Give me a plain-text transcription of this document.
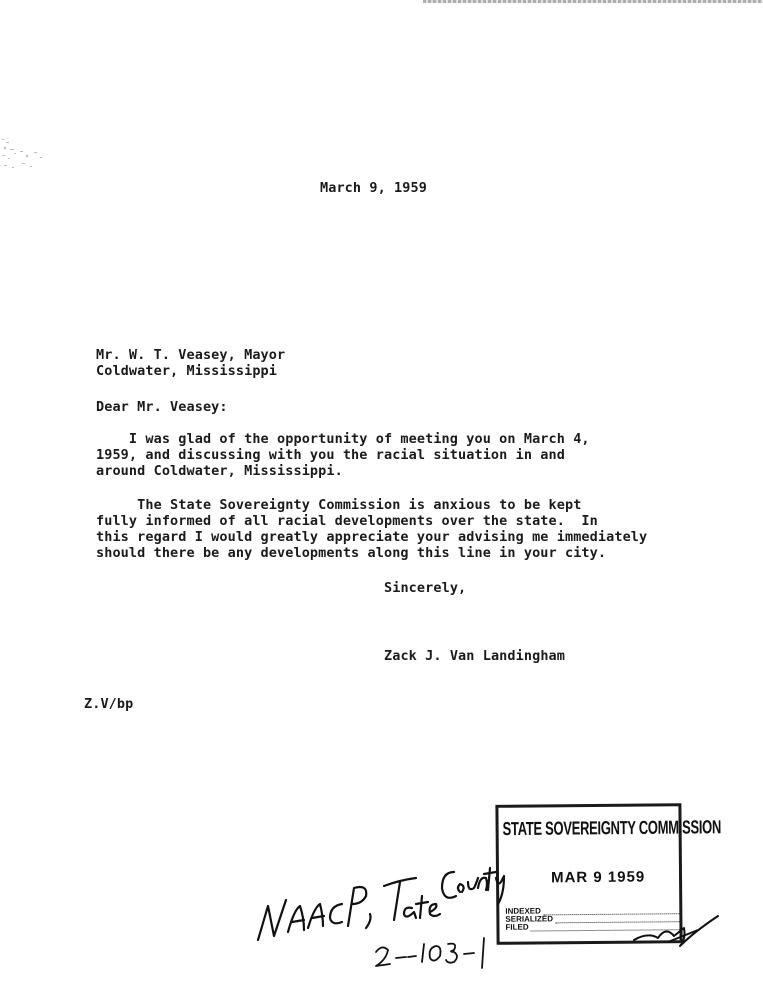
March 9, 1959
Mr. W. T. Veasey, Mayor
Coldwater, Mississippi
Dear Mr. Veasey:
I was glad of the opportunity of meeting you on March 4,
1959, and discussing with you the racial situation in and
around Coldwater, Mississippi.
The State Sovereignty Commission is anxious to be kept
fully informed of all racial developments over the state.  In
this regard I would greatly appreciate your advising me immediately
should there be any developments along this line in your city.
Sincerely,
Zack J. Van Landingham
Z.V/bp
STATE SOVEREIGNTY COMMISSION
MAR 9 1959
INDEXED
SERIALIZED
FILED
